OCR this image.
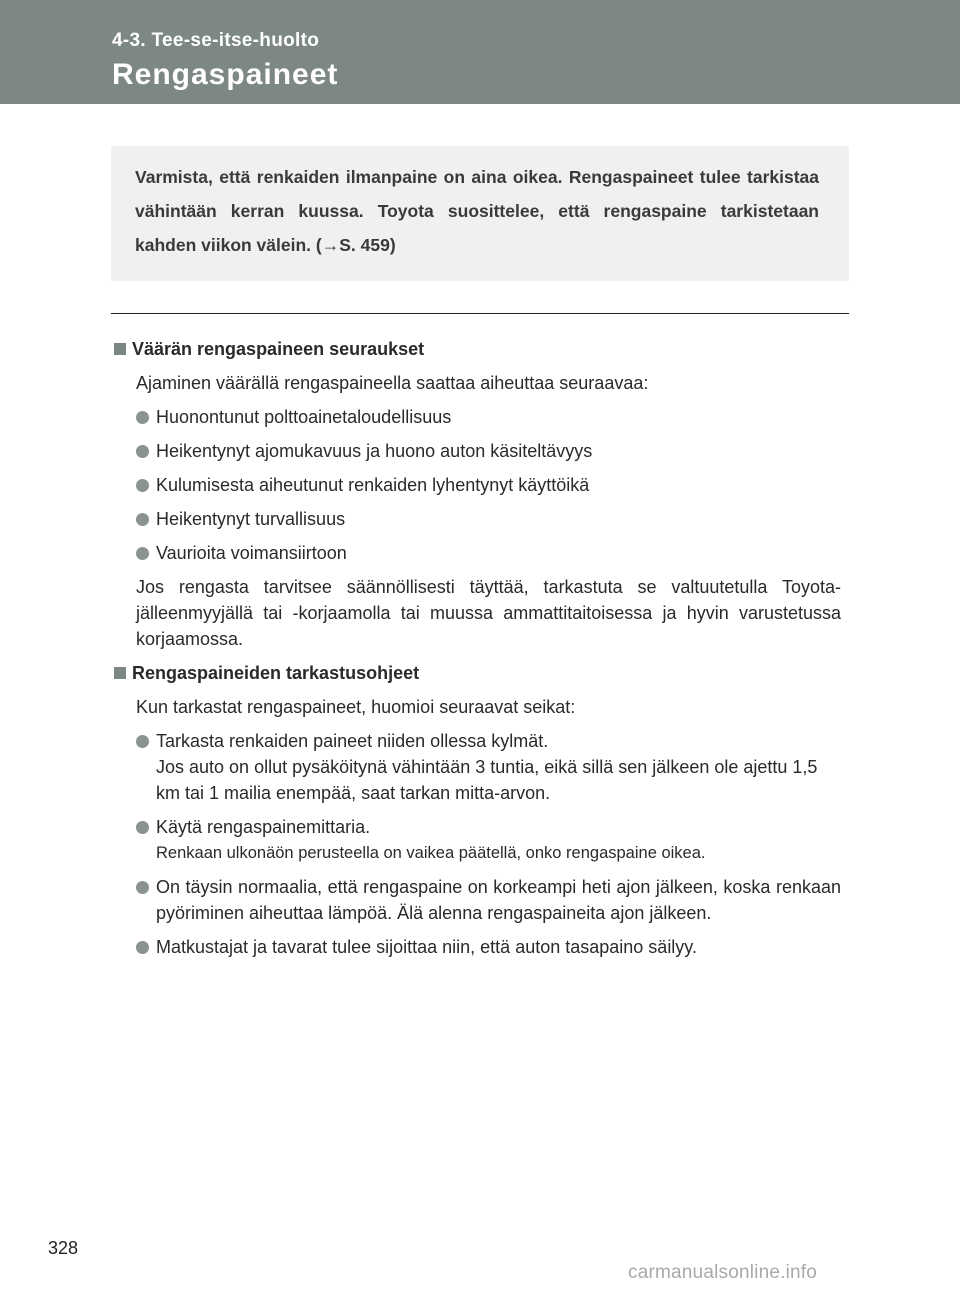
4-3. Tee-se-itse-huolto
Rengaspaineet

Varmista, että renkaiden ilmanpaine on aina oikea. Rengaspaineet tulee tarkistaa vähintään kerran kuussa. Toyota suosittelee, että rengaspaine tarkistetaan kahden viikon välein. (→S. 459)

Väärän rengaspaineen seuraukset
Ajaminen väärällä rengaspaineella saattaa aiheuttaa seuraavaa:
Huonontunut polttoainetaloudellisuus
Heikentynyt ajomukavuus ja huono auton käsiteltävyys
Kulumisesta aiheutunut renkaiden lyhentynyt käyttöikä
Heikentynyt turvallisuus
Vaurioita voimansiirtoon
Jos rengasta tarvitsee säännöllisesti täyttää, tarkastuta se valtuutetulla Toyota-jälleenmyyjällä tai -korjaamolla tai muussa ammattitaitoisessa ja hyvin varustetussa korjaamossa.
Rengaspaineiden tarkastusohjeet
Kun tarkastat rengaspaineet, huomioi seuraavat seikat:
Tarkasta renkaiden paineet niiden ollessa kylmät.
Jos auto on ollut pysäköitynä vähintään 3 tuntia, eikä sillä sen jälkeen ole ajettu 1,5 km tai 1 mailia enempää, saat tarkan mitta-arvon.
Käytä rengaspainemittaria.
Renkaan ulkonäön perusteella on vaikea päätellä, onko rengaspaine oikea.
On täysin normaalia, että rengaspaine on korkeampi heti ajon jälkeen, koska renkaan pyöriminen aiheuttaa lämpöä. Älä alenna rengaspaineita ajon jälkeen.
Matkustajat ja tavarat tulee sijoittaa niin, että auton tasapaino säilyy.
328
carmanualsonline.info
